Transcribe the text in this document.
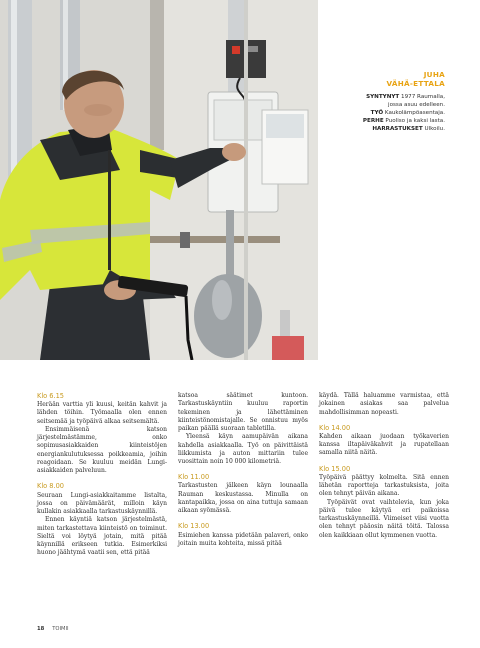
JUHA
VÄHÄ-ETTALA
SYNTYNYT 1977 Raumalla,
jossa asuu edelleen.
TYÖ Kaukolämpöasentaja.
PERHE Puoliso ja kaksi lasta.
HARRASTUKSET Ulkoilu.
Klo 6.15

Herään varttia yli kuusi, keitän kahvit ja lähden töihin. Työmaalla olen ennen seitsemää ja työpäivä alkaa seitsemältä.

Ensimmäisenä katson järjestelmästämme, onko sopimusasiakkaiden kiinteistöjen energiankulutuksessa poikkeamia, joihin reagoidaan. Se kuuluu meidän Lungi-asiakkaiden palveluun.

Klo 8.00

Seuraan Lungi-asiakkaitamme listalta, jossa on päivämäärät, milloin käyn kullakin asiakkaalla tarkastuskäynnillä.

Ennen käyntiä katson järjestelmästä, miten tarkastettava kiinteistö on toiminut. Sieltä voi löytyä jotain, mitä pitää käynnillä erikseen tutkia. Esimerkiksi huono jäähtymä vaatii sen, että pitää

katsoa säätimet kuntoon. Tarkastuskäyntiin kuuluu raportin tekeminen ja lähettäminen kiinteistönomistajalle. Se onnistuu myös paikan päällä suoraan tabletilla.

Yleensä käyn aamupäivän aikana kahdella asiakkaalla. Työ on päivittäistä liikkumista ja auton mittariin tulee vuosittain noin 10 000 kilometriä.

Klo 11.00

Tarkastusten jälkeen käyn lounaalla Rauman keskustassa. Minulla on kantapaikka, jossa on aina tuttuja samaan aikaan syömässä.

Klo 13.00

Esimiehen kanssa pidetään palaveri, onko joitain muita kohteita, missä pitää

käydä. Tällä haluamme varmistaa, että jokainen asiakas saa palvelua mahdollisimman nopeasti.

Klo 14.00

Kahden aikaan juodaan työkaverien kanssa iltapäiväkahvit ja rupatellaan samalla niitä näitä.

Klo 15.00

Työpäivä päättyy kolmelta. Sitä ennen lähetän raportteja tarkastuksista, joita olen tehnyt päivän aikana.

Työpäivät ovat vaihtelevia, kun joka päivä tulee käytyä eri paikoissa tarkastuskäynneillä. Viimeiset viisi vuotta olen tehnyt pääosin näitä töitä. Talossa olen kaikkiaan ollut kymmenen vuotta.

18 TOIMII
